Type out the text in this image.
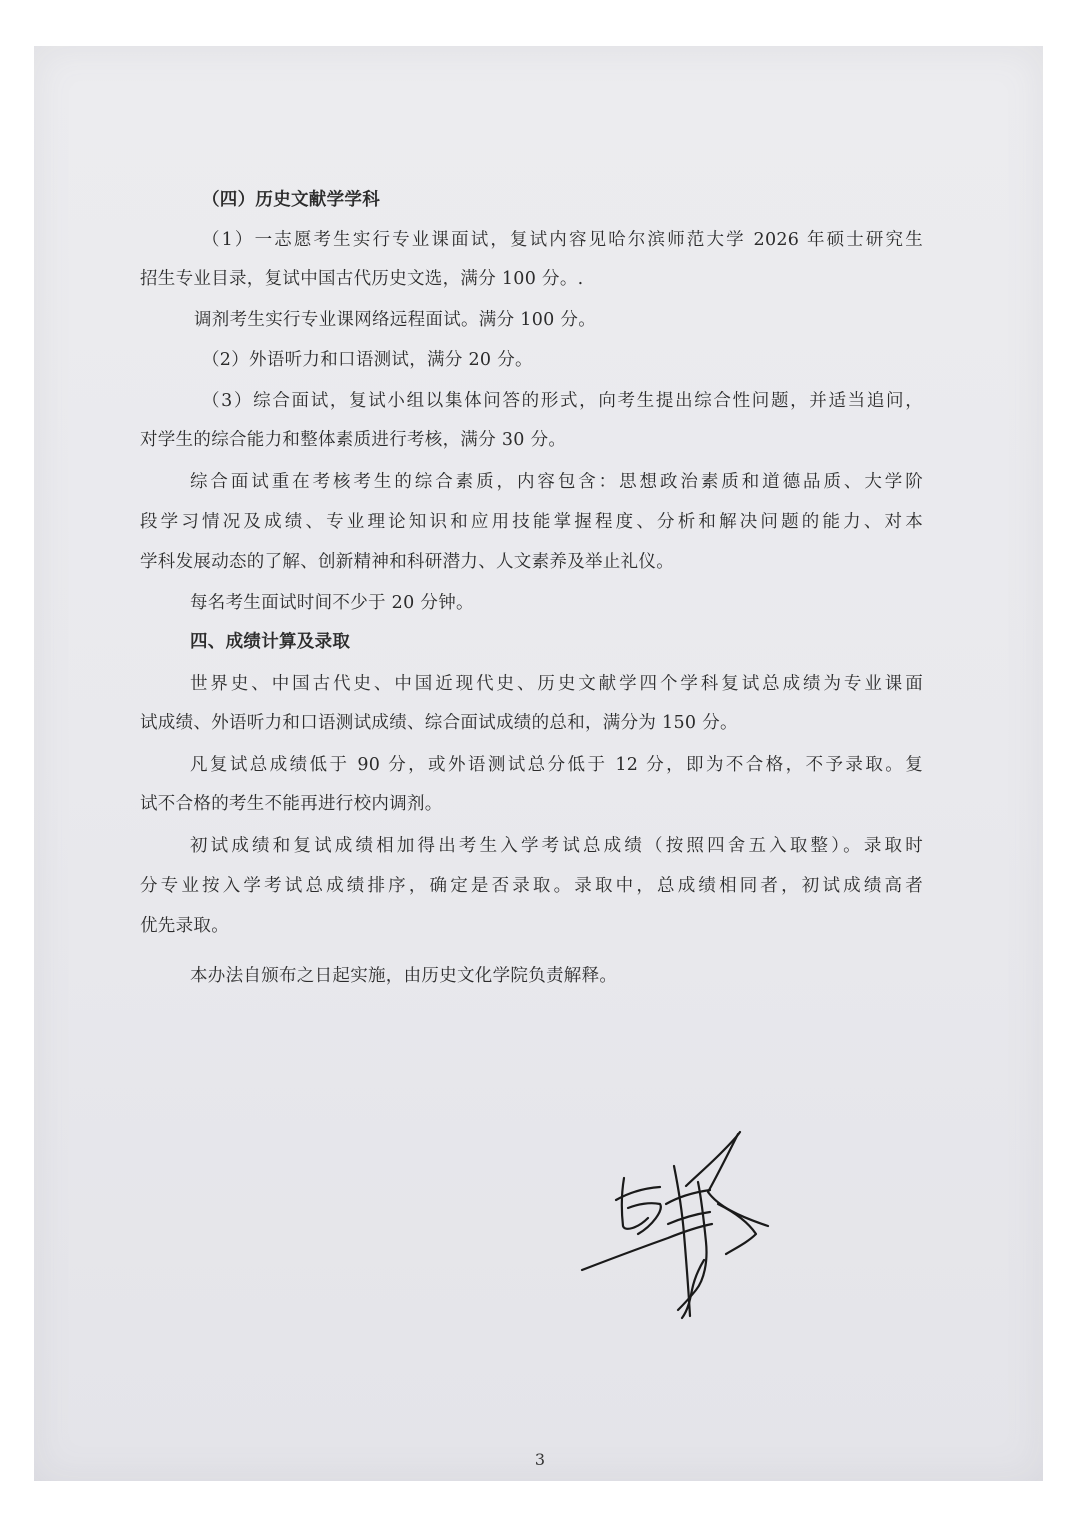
（四）历史文献学学科
（1）一志愿考生实行专业课面试，复试内容见哈尔滨师范大学 2026 年硕士研究生
招生专业目录，复试中国古代历史文选，满分 100 分。.
调剂考生实行专业课网络远程面试。满分 100 分。
（2）外语听力和口语测试，满分 20 分。
（3）综合面试，复试小组以集体问答的形式，向考生提出综合性问题，并适当追问，
对学生的综合能力和整体素质进行考核，满分 30 分。
综合面试重在考核考生的综合素质，内容包含：思想政治素质和道德品质、大学阶
段学习情况及成绩、专业理论知识和应用技能掌握程度、分析和解决问题的能力、对本
学科发展动态的了解、创新精神和科研潜力、人文素养及举止礼仪。
每名考生面试时间不少于 20 分钟。
四、成绩计算及录取
世界史、中国古代史、中国近现代史、历史文献学四个学科复试总成绩为专业课面
试成绩、外语听力和口语测试成绩、综合面试成绩的总和，满分为 150 分。
凡复试总成绩低于 90 分，或外语测试总分低于 12 分，即为不合格，不予录取。复
试不合格的考生不能再进行校内调剂。
初试成绩和复试成绩相加得出考生入学考试总成绩（按照四舍五入取整）。录取时
分专业按入学考试总成绩排序，确定是否录取。录取中，总成绩相同者，初试成绩高者
优先录取。
本办法自颁布之日起实施，由历史文化学院负责解释。
3
